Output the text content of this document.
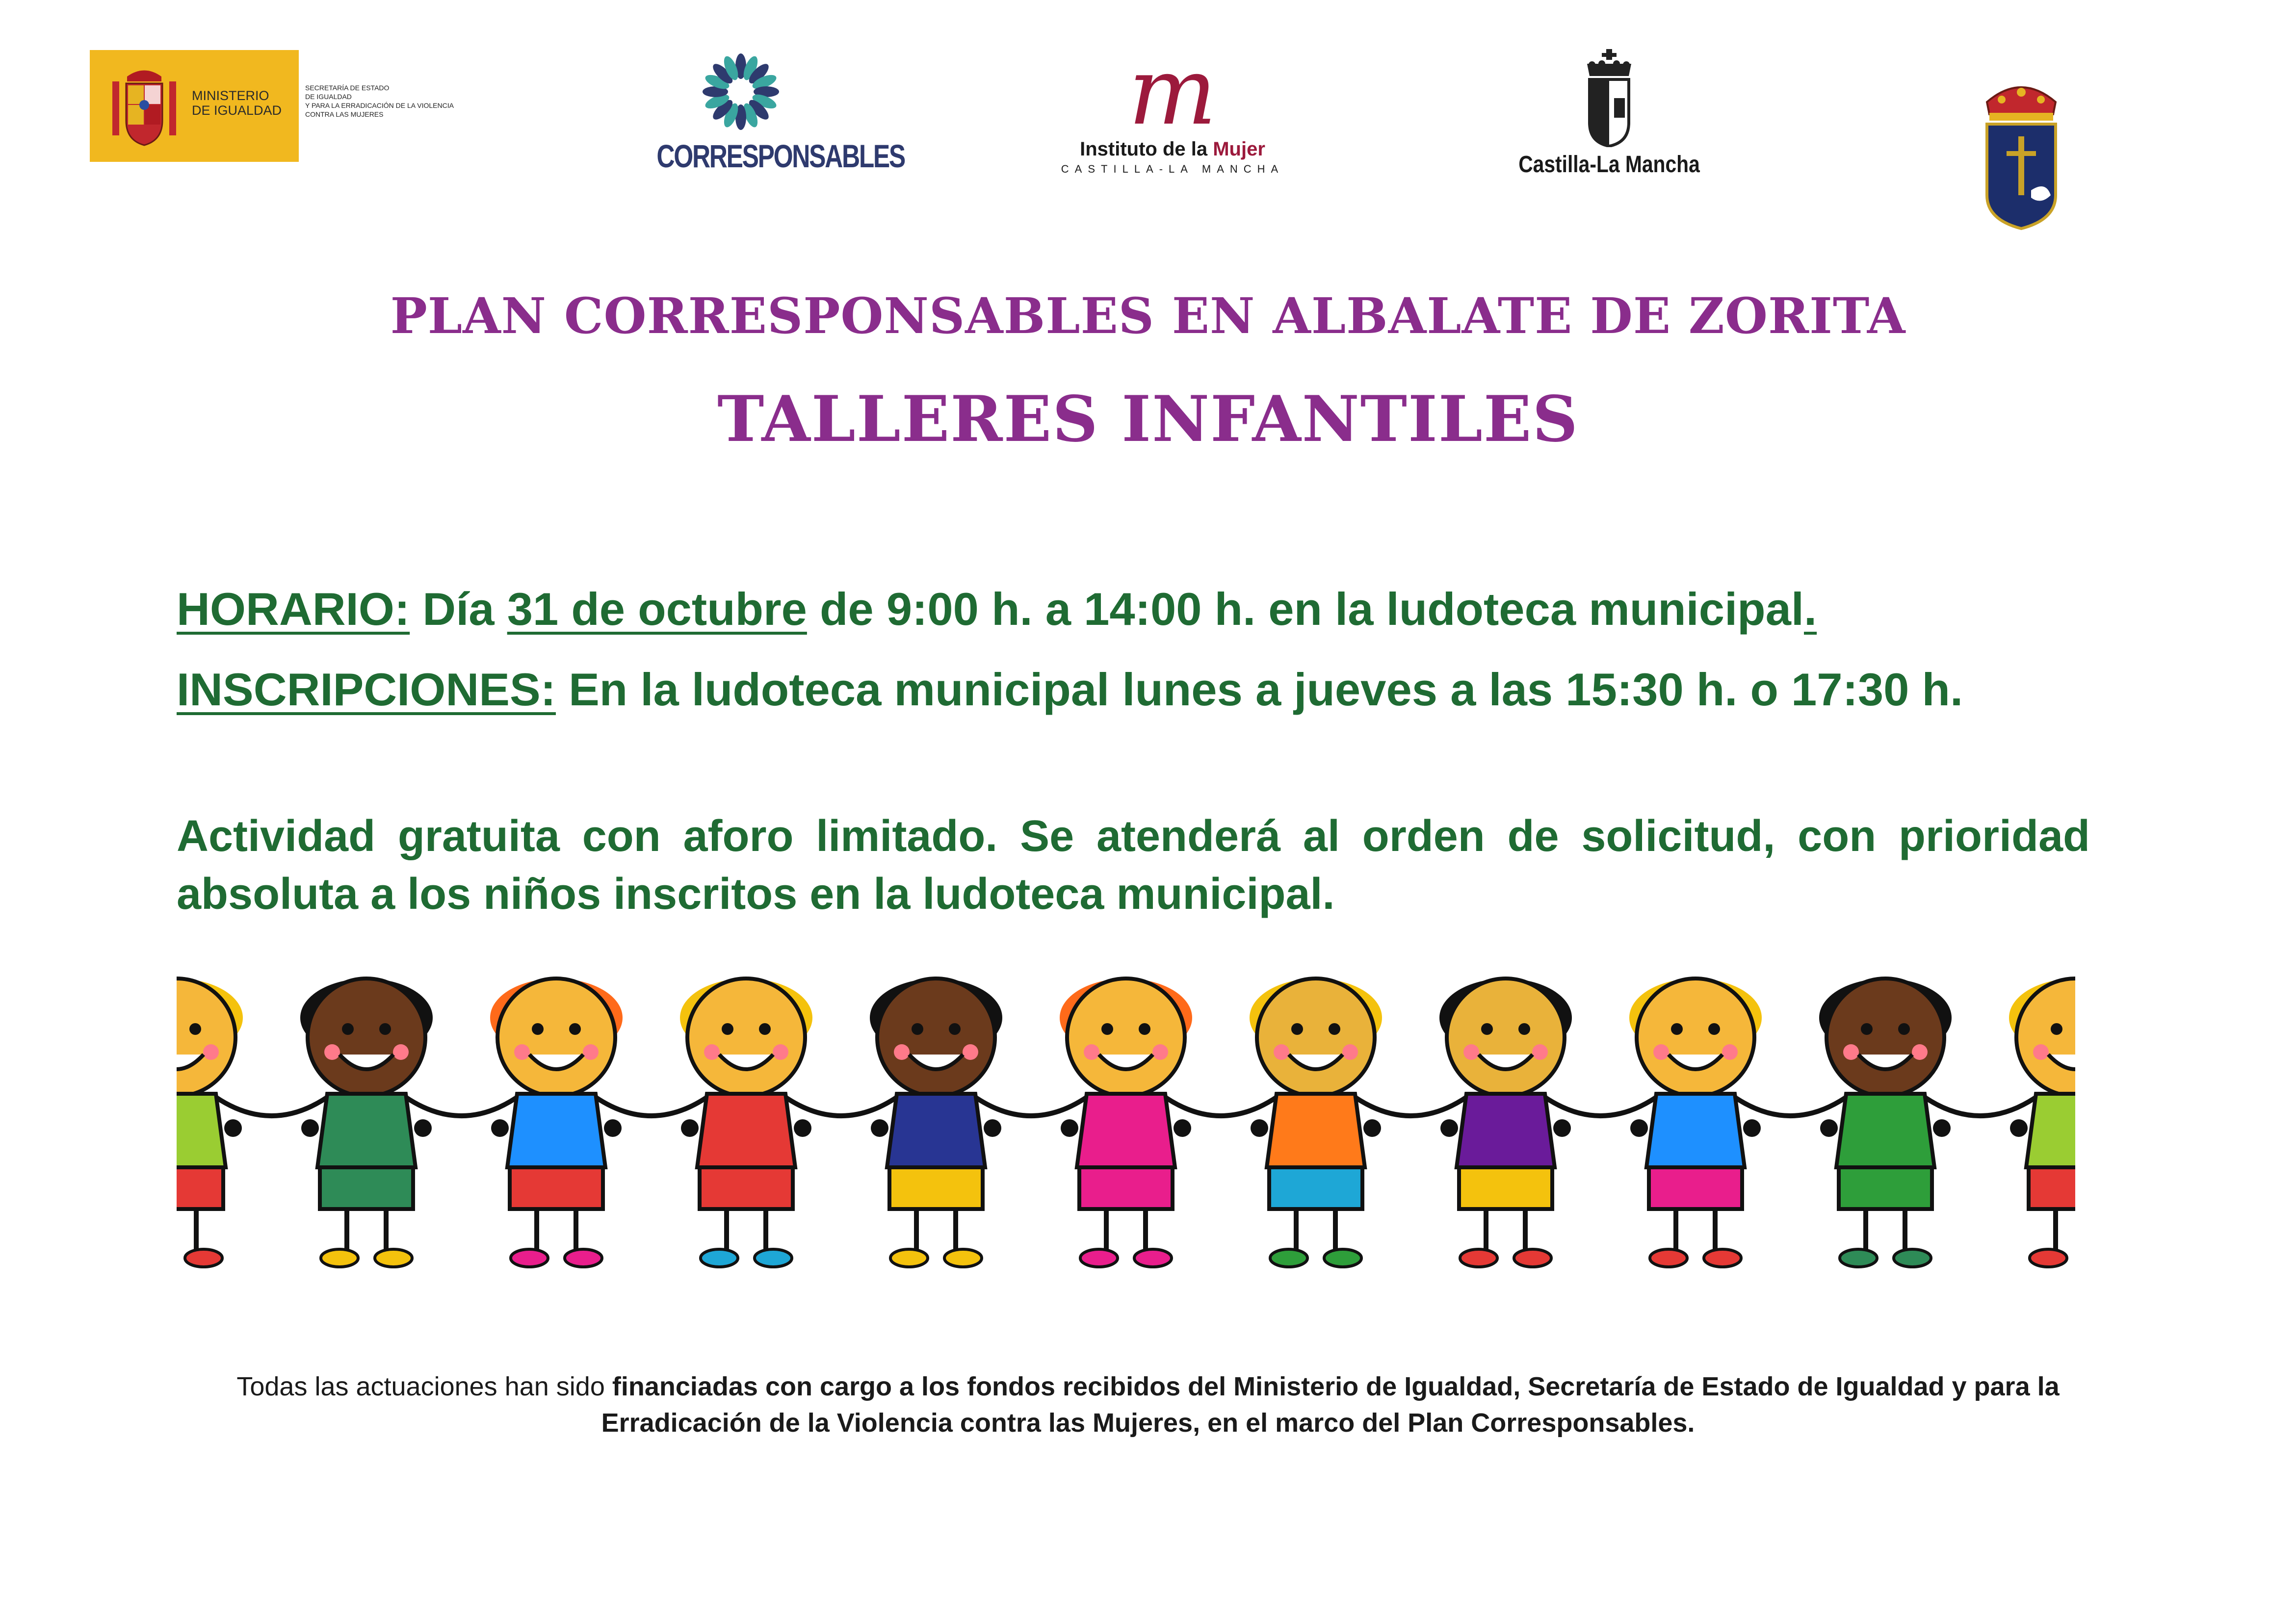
MINISTERIO
DE IGUALDAD
SECRETARÍA DE ESTADO
DE IGUALDAD
Y PARA LA ERRADICACIÓN DE LA VIOLENCIA
CONTRA LAS MUJERES
CORRESPONSABLES
m
Instituto de la Mujer
CASTILLA-LA MANCHA	Castilla-La Mancha
PLAN CORRESPONSABLES EN ALBALATE DE ZORITA
TALLERES INFANTILES
HORARIO: Día 31 de octubre de 9:00 h. a 14:00 h. en la ludoteca municipal.
INSCRIPCIONES: En la ludoteca municipal lunes a jueves a las 15:30 h. o 17:30 h.
Actividad gratuita con aforo limitado. Se atenderá al orden de solicitud, con prioridad absoluta a los niños inscritos en la ludoteca municipal.
Todas las actuaciones han sido financiadas con cargo a los fondos recibidos del Ministerio de Igualdad, Secretaría de Estado de Igualdad y para la Erradicación de la Violencia contra las Mujeres, en el marco del Plan Corresponsables.
